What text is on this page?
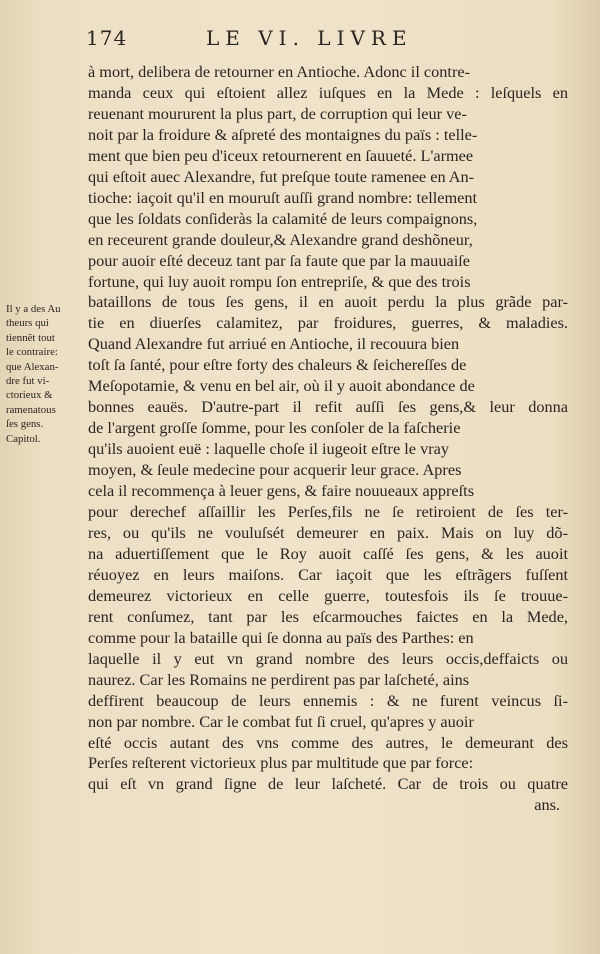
174	LE VI. LIVRE
à mort, delibera de retourner en Antioche. Adonc il contre-
manda ceux qui eſtoient allez iuſques en la Mede : leſquels en
reuenant moururent la plus part, de corruption qui leur ve-
noit par la froidure & aſpreté des montaignes du païs : telle-
ment que bien peu d'iceux retournerent en ſauueté. L'armee
qui eſtoit auec Alexandre, fut preſque toute ramenee en An-
tioche: iaçoit qu'il en mouruſt auſſi grand nombre: tellement
que les ſoldats conſideràs la calamité de leurs compaignons,
en receurent grande douleur,& Alexandre grand deshõneur,
pour auoir eſté deceuz tant par ſa faute que par la mauuaiſe
fortune, qui luy auoit rompu ſon entrepriſe, & que des trois
bataillons de tous ſes gens, il en auoit perdu la plus grãde par-
tie en diuerſes calamitez, par froidures, guerres, & maladies.
Quand Alexandre fut arriué en Antioche, il recouura bien
toſt ſa ſanté, pour eſtre forty des chaleurs & ſeichereſſes de
Meſopotamie, & venu en bel air, où il y auoit abondance de
bonnes eauës. D'autre-part il refit auſſi ſes gens,& leur donna
de l'argent groſſe ſomme, pour les conſoler de la faſcherie
qu'ils auoient euë : laquelle choſe il iugeoit eſtre le vray
moyen, & ſeule medecine pour acquerir leur grace. Apres
cela il recommença à leuer gens, & faire nouueaux appreſts
pour derechef aſſaillir les Perſes,fils ne ſe retiroient de ſes ter-
res, ou qu'ils ne vouluſsét demeurer en paix. Mais on luy dõ-
na aduertiſſement que le Roy auoit caſſé ſes gens, & les auoit
réuoyez en leurs maiſons. Car iaçoit que les eſtrãgers fuſſent
demeurez victorieux en celle guerre, toutesfois ils ſe trouue-
rent conſumez, tant par les eſcarmouches faictes en la Mede,
comme pour la bataille qui ſe donna au païs des Parthes: en
laquelle il y eut vn grand nombre des leurs occis,deffaicts ou
naurez. Car les Romains ne perdirent pas par laſcheté, ains
deffirent beaucoup de leurs ennemis : & ne furent veincus ſi-
non par nombre. Car le combat fut ſi cruel, qu'apres y auoir
eſté occis autant des vns comme des autres, le demeurant des
Perſes reſterent victorieux plus par multitude que par force:
qui eſt vn grand ſigne de leur laſcheté. Car de trois ou quatre
ans.
Il y a des Au
theurs qui
tiennẽt tout
le contraire:
que Alexan-
dre fut vi-
ctorieux &
ramenatous
ſes gens.
Capitol.
